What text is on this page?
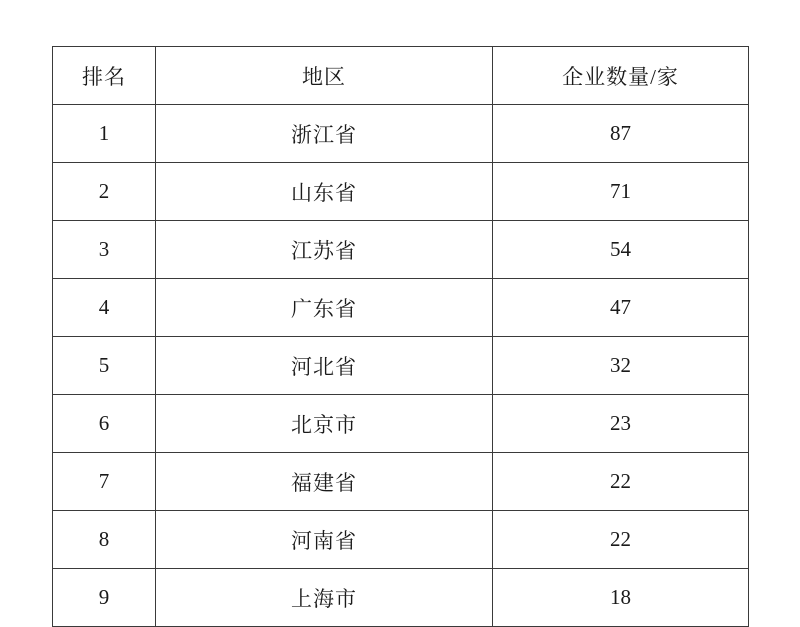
排名	地区	企业数量/家
1	浙江省	87
2	山东省	71
3	江苏省	54
4	广东省	47
5	河北省	32
6	北京市	23
7	福建省	22
8	河南省	22
9	上海市	18
